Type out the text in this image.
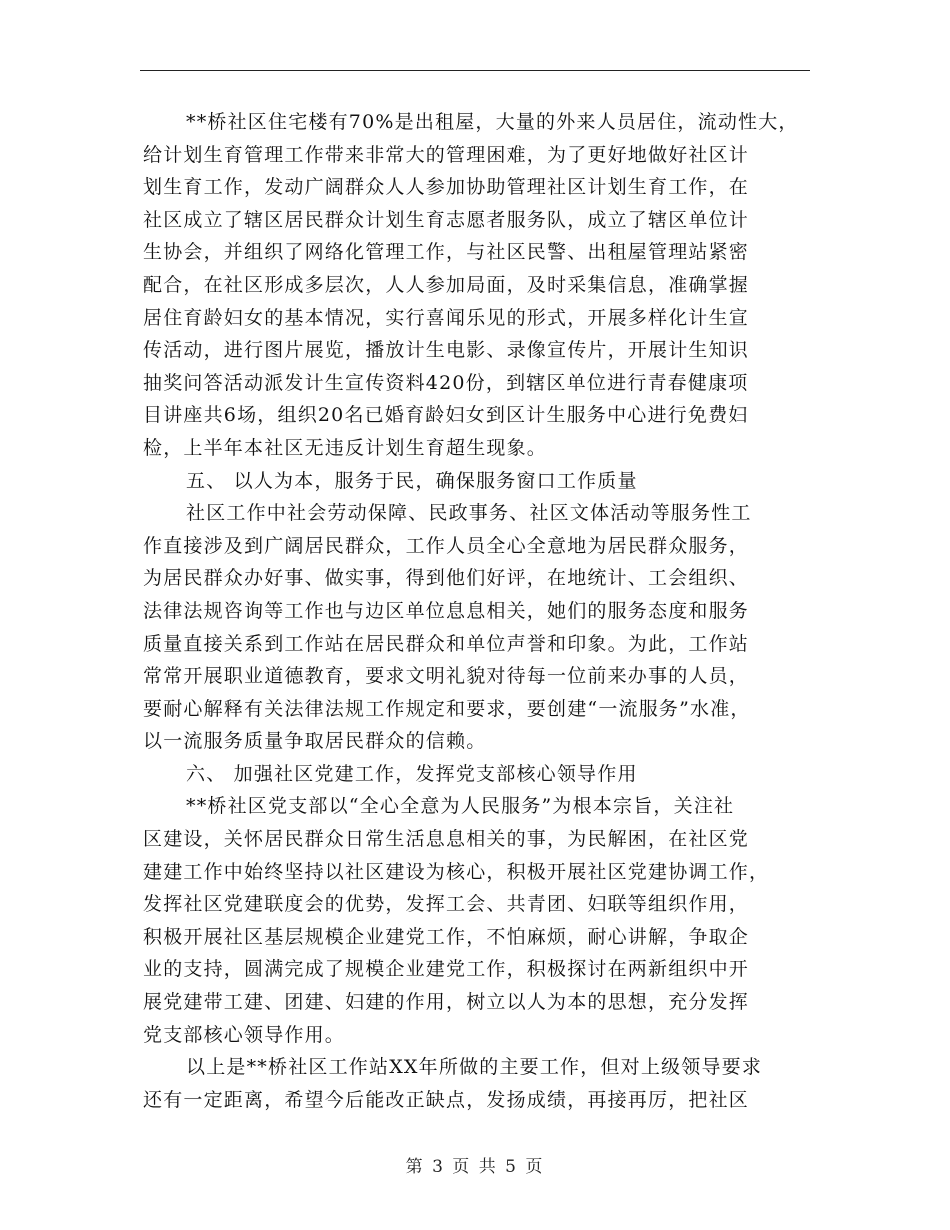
**桥社区住宅楼有70%是出租屋，大量的外来人员居住，流动性大，
给计划生育管理工作带来非常大的管理困难，为了更好地做好社区计
划生育工作，发动广阔群众人人参加协助管理社区计划生育工作，在
社区成立了辖区居民群众计划生育志愿者服务队，成立了辖区单位计
生协会，并组织了网络化管理工作，与社区民警、出租屋管理站紧密
配合，在社区形成多层次，人人参加局面，及时采集信息，准确掌握
居住育龄妇女的基本情况，实行喜闻乐见的形式，开展多样化计生宣
传活动，进行图片展览，播放计生电影、录像宣传片，开展计生知识
抽奖问答活动派发计生宣传资料420份，到辖区单位进行青春健康项
目讲座共6场，组织20名已婚育龄妇女到区计生服务中心进行免费妇
检，上半年本社区无违反计划生育超生现象。
五、 以人为本，服务于民，确保服务窗口工作质量
社区工作中社会劳动保障、民政事务、社区文体活动等服务性工
作直接涉及到广阔居民群众，工作人员全心全意地为居民群众服务，
为居民群众办好事、做实事，得到他们好评，在地统计、工会组织、
法律法规咨询等工作也与边区单位息息相关，她们的服务态度和服务
质量直接关系到工作站在居民群众和单位声誉和印象。为此，工作站
常常开展职业道德教育，要求文明礼貌对待每一位前来办事的人员，
要耐心解释有关法律法规工作规定和要求，要创建“一流服务”水准，
以一流服务质量争取居民群众的信赖。
六、 加强社区党建工作，发挥党支部核心领导作用
**桥社区党支部以“全心全意为人民服务”为根本宗旨，关注社
区建设，关怀居民群众日常生活息息相关的事，为民解困，在社区党
建建工作中始终坚持以社区建设为核心，积极开展社区党建协调工作，
发挥社区党建联度会的优势，发挥工会、共青团、妇联等组织作用，
积极开展社区基层规模企业建党工作，不怕麻烦，耐心讲解，争取企
业的支持，圆满完成了规模企业建党工作，积极探讨在两新组织中开
展党建带工建、团建、妇建的作用，树立以人为本的思想，充分发挥
党支部核心领导作用。
以上是**桥社区工作站XX年所做的主要工作，但对上级领导要求
还有一定距离，希望今后能改正缺点，发扬成绩，再接再厉，把社区
第 3 页 共 5 页
